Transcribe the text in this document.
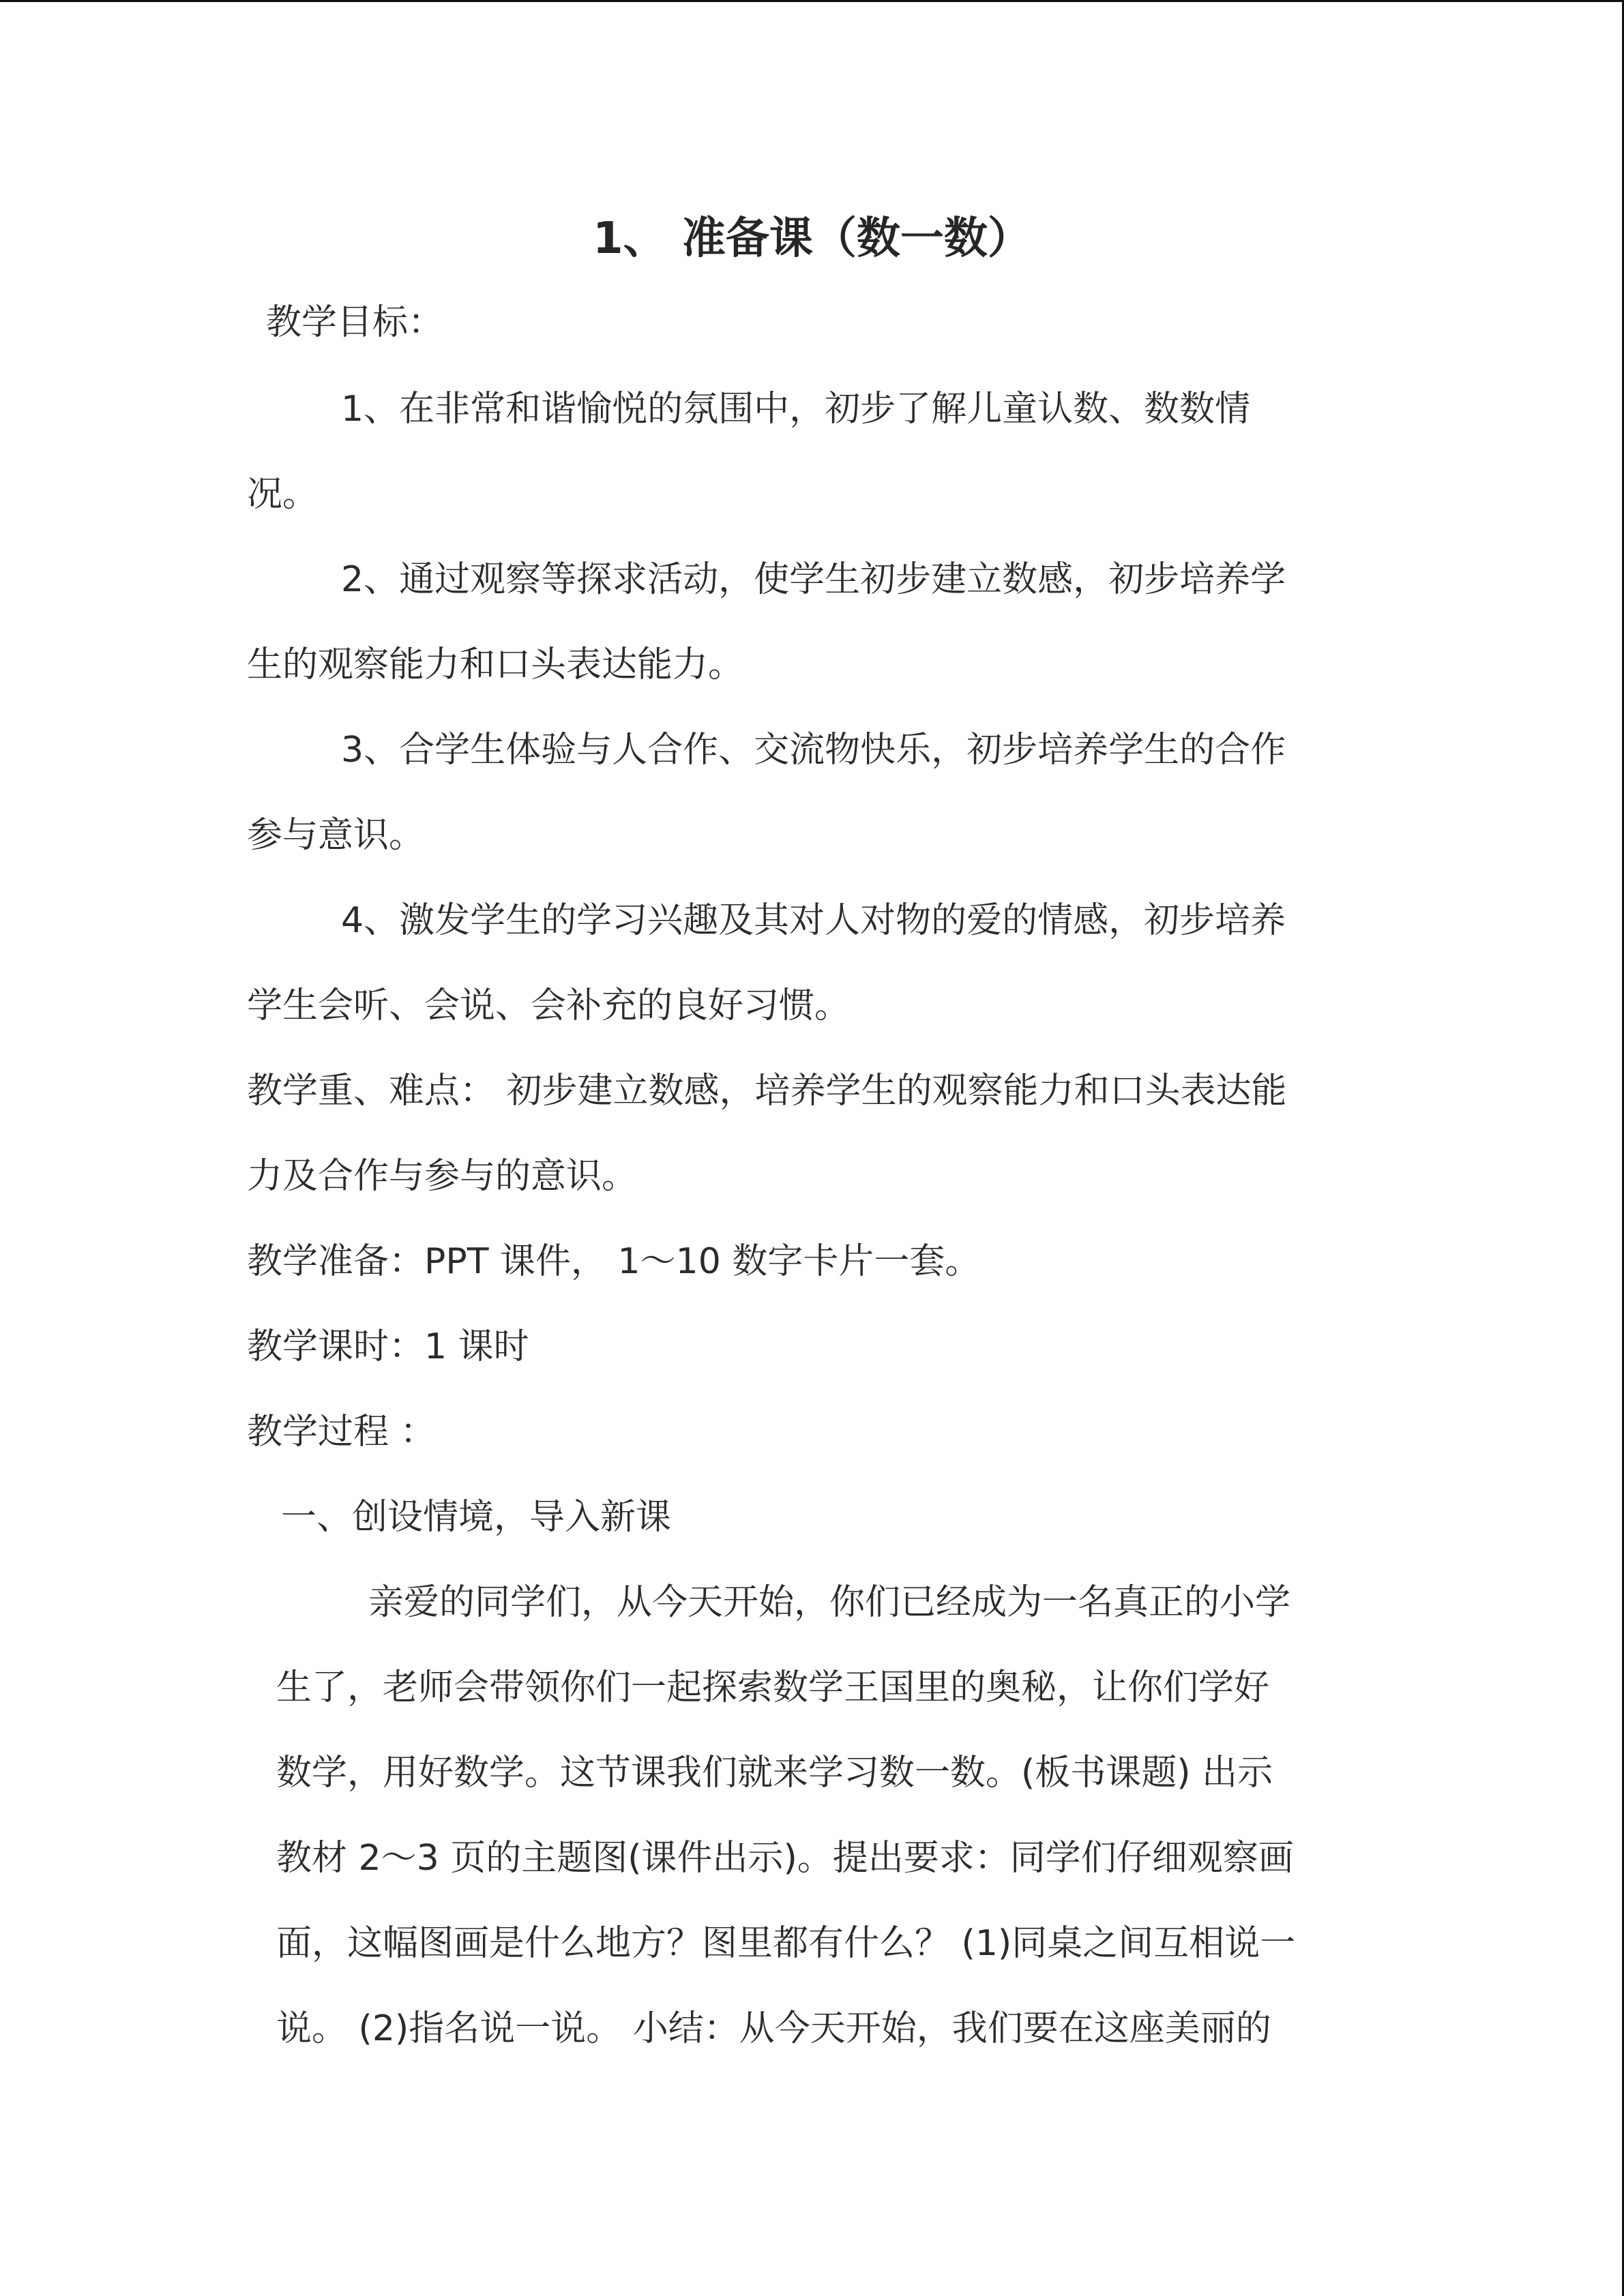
1、 准备课（数一数）
教学目标：
1、在非常和谐愉悦的氛围中，初步了解儿童认数、数数情
况。
2、通过观察等探求活动，使学生初步建立数感，初步培养学
生的观察能力和口头表达能力。
3、合学生体验与人合作、交流物快乐，初步培养学生的合作
参与意识。
4、激发学生的学习兴趣及其对人对物的爱的情感，初步培养
学生会听、会说、会补充的良好习惯。
教学重、难点： 初步建立数感，培养学生的观察能力和口头表达能
力及合作与参与的意识。
教学准备：PPT 课件， 1～10 数字卡片一套。
教学课时：1 课时
教学过程 ：
一、创设情境，导入新课
亲爱的同学们，从今天开始，你们已经成为一名真正的小学
生了，老师会带领你们一起探索数学王国里的奥秘，让你们学好
数学，用好数学。这节课我们就来学习数一数。(板书课题) 出示
教材 2～3 页的主题图(课件出示)。提出要求：同学们仔细观察画
面，这幅图画是什么地方？图里都有什么？ (1)同桌之间互相说一
说。 (2)指名说一说。 小结：从今天开始，我们要在这座美丽的
